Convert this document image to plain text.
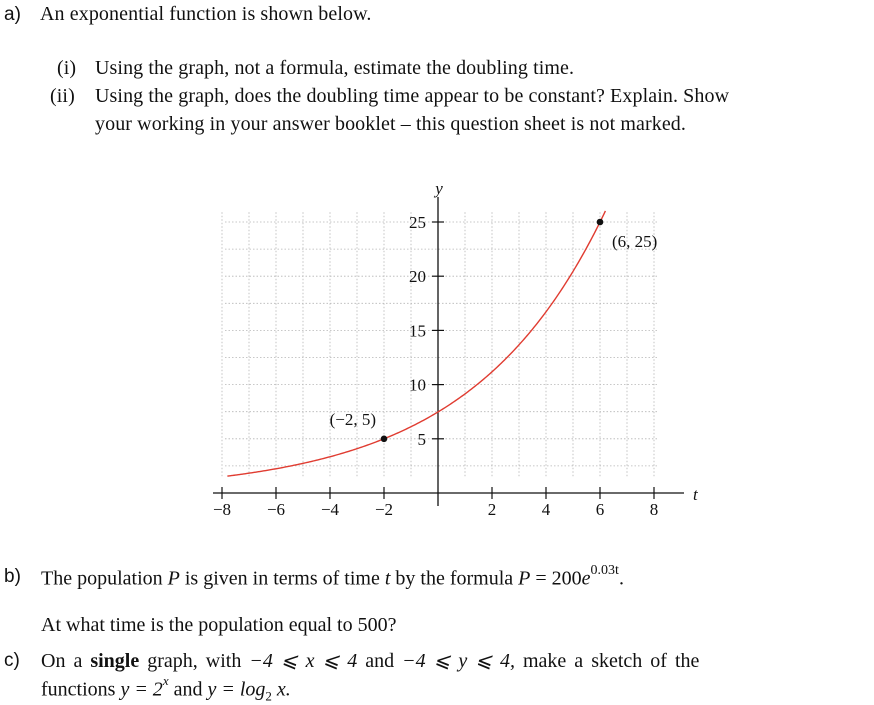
a) An exponential function is shown below.
(i) Using the graph, not a formula, estimate the doubling time.
(ii) Using the graph, does the doubling time appear to be constant? Explain. Show
your working in your answer booklet – this question sheet is not marked.
−8 −6 −4 −2	2	4	6	8
5
10
15
20
25
(−2, 5)
(6, 25)
t
y
b) The population P is given in terms of time t by the formula $P = 200e^{0.03t}$.
At what time is the population equal to 500?
c) On a single graph, with −4 ⩽ x ⩽ 4 and −4 ⩽ y ⩽ 4, make a sketch of the
functions $y = 2^x$ and $y = \log_2 x$.
